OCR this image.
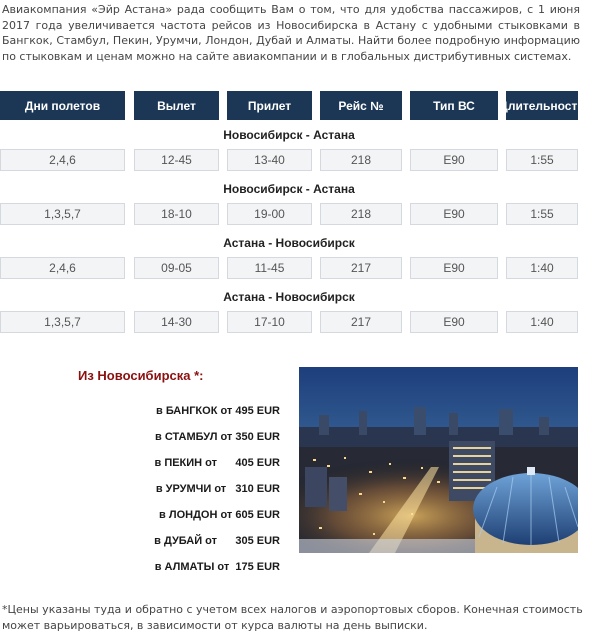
Авиакомпания «Эйр Астана» рада сообщить Вам о том, что для удобства пассажиров, с 1 июня 2017 года увеличивается частота рейсов из Новосибирска в Астану с удобными стыковками в Бангкок, Стамбул, Пекин, Урумчи, Лондон, Дубай и Алматы. Найти более подробную информацию по стыковкам и ценам можно на сайте авиакомпании и в глобальных дистрибутивных системах.
Дни полетов	Вылет	Прилет	Рейс №	Тип ВС	Длительность
Новосибирск - Астана
2,4,6	12-45	13-40	218	E90	1:55
Новосибирск - Астана
1,3,5,7	18-10	19-00	218	E90	1:55
Астана - Новосибирск
2,4,6	09-05	11-45	217	E90	1:40
Астана - Новосибирск
1,3,5,7	14-30	17-10	217	E90	1:40
Из Новосибирска *:
в БАНГКОК от 495 EUR
в СТАМБУЛ от 350 EUR
в ПЕКИН от      405 EUR
в УРУМЧИ от   310 EUR
в ЛОНДОН от 605 EUR
в ДУБАЙ от      305 EUR
в АЛМАТЫ от  175 EUR
*Цены указаны туда и обратно с учетом всех налогов и аэропортовых сборов. Конечная стоимость может варьироваться, в зависимости от курса валюты на день выписки.
